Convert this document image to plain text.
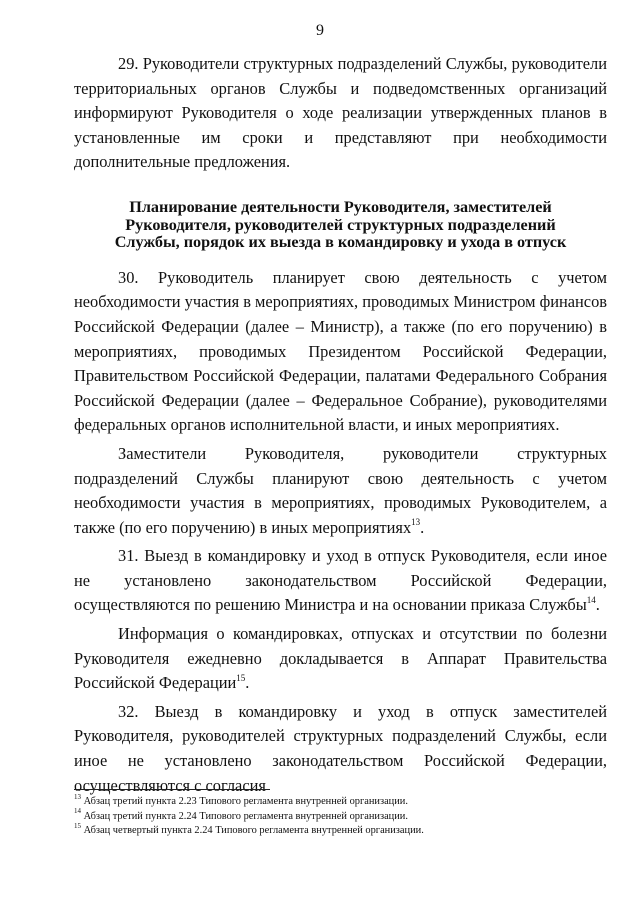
9

29. Руководители структурных подразделений Службы, руководители территориальных органов Службы и подведомственных организаций информируют Руководителя о ходе реализации утвержденных планов в установленные им сроки и представляют при необходимости дополнительные предложения.

Планирование деятельности Руководителя, заместителей
Руководителя, руководителей структурных подразделений
Службы, порядок их выезда в командировку и ухода в отпуск

30. Руководитель планирует свою деятельность с учетом необходимости участия в мероприятиях, проводимых Министром финансов Российской Федерации (далее – Министр), а также (по его поручению) в мероприятиях, проводимых Президентом Российской Федерации, Правительством Российской Федерации, палатами Федерального Собрания Российской Федерации (далее – Федеральное Собрание), руководителями федеральных органов исполнительной власти, и иных мероприятиях.

Заместители Руководителя, руководители структурных подразделений Службы планируют свою деятельность с учетом необходимости участия в мероприятиях, проводимых Руководителем, а также (по его поручению) в иных мероприятиях$^{13}$.

31. Выезд в командировку и уход в отпуск Руководителя, если иное не установлено законодательством Российской Федерации, осуществляются по решению Министра и на основании приказа Службы$^{14}$.

Информация о командировках, отпусках и отсутствии по болезни Руководителя ежедневно докладывается в Аппарат Правительства Российской Федерации$^{15}$.

32. Выезд в командировку и уход в отпуск заместителей Руководителя, руководителей структурных подразделений Службы, если иное не установлено законодательством Российской Федерации, осуществляются с согласия

$^{13}$ Абзац третий пункта 2.23 Типового регламента внутренней организации.

$^{14}$ Абзац третий пункта 2.24 Типового регламента внутренней организации.

$^{15}$ Абзац четвертый пункта 2.24 Типового регламента внутренней организации.
